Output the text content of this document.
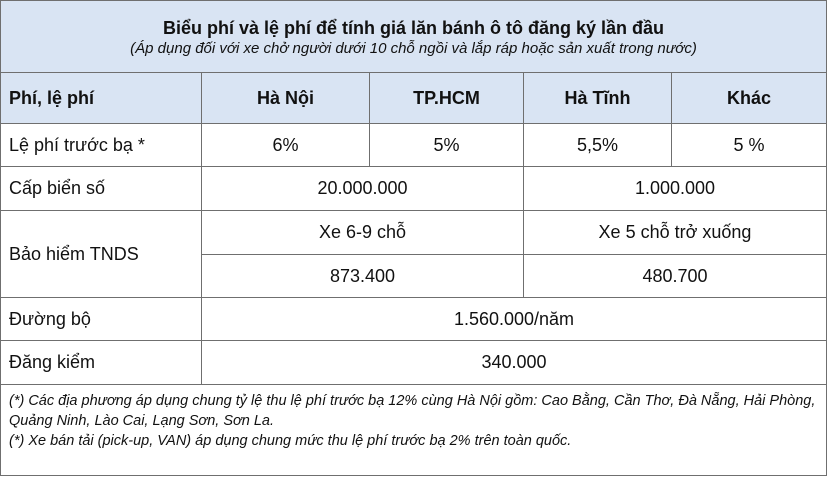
Biểu phí và lệ phí để tính giá lăn bánh ô tô đăng ký lần đầu
(Áp dụng đối với xe chở người dưới 10 chỗ ngồi và lắp ráp hoặc sản xuất trong nước)				

Phí, lệ phí	Hà Nội	TP.HCM	Hà Tĩnh	Khác
Lệ phí trước bạ *	6%	5%	5,5%	5 %
Cấp biển số	20.000.000		1.000.000	
Bảo hiểm TNDS	Xe 6-9 chỗ		Xe 5 chỗ trở xuống	
	873.400		480.700	
Đường bộ	1.560.000/năm			
Đăng kiểm	340.000			

(*) Các địa phương áp dụng chung tỷ lệ thu lệ phí trước bạ 12% cùng Hà Nội gồm: Cao Bằng, Cần Thơ, Đà Nẵng, Hải Phòng, Quảng Ninh, Lào Cai, Lạng Sơn, Sơn La.
(*) Xe bán tải (pick-up, VAN) áp dụng chung mức thu lệ phí trước bạ 2% trên toàn quốc.				
